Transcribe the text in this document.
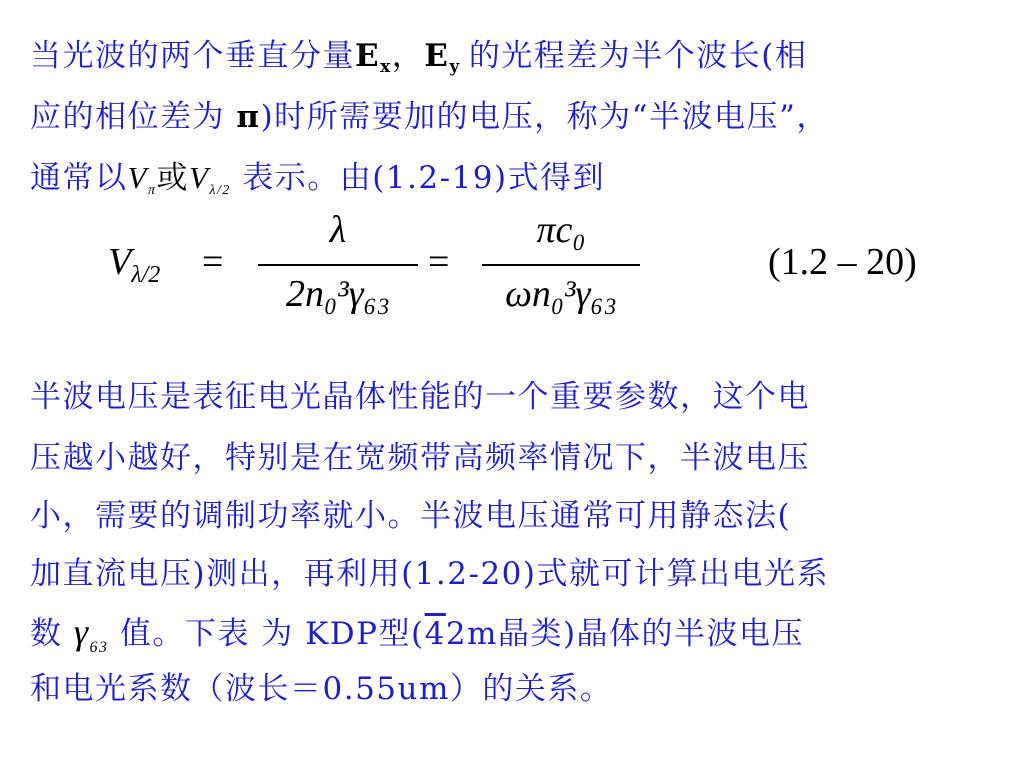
当光波的两个垂直分量$E_x$，$E_y$ 的光程差为半个波长(相
应的相位差为 π)时所需要加的电压，称为“半波电压”，
通常以Vπ或Vλ/2 表示。由(1.2-19)式得到
$V_{\lambda/2}$ =
λ
2n₀³γ₆₃
=
πc₀
ωn₀³γ₆₃
(1.2 – 20)
半波电压是表征电光晶体性能的一个重要参数，这个电
压越小越好，特别是在宽频带高频率情况下，半波电压
小，需要的调制功率就小。半波电压通常可用静态法(
加直流电压)测出，再利用(1.2-20)式就可计算出电光系
数 $\gamma_{63}$ 值。下表 为 KDP型(42m晶类)晶体的半波电压
和电光系数（波长＝0.55um）的关系。
